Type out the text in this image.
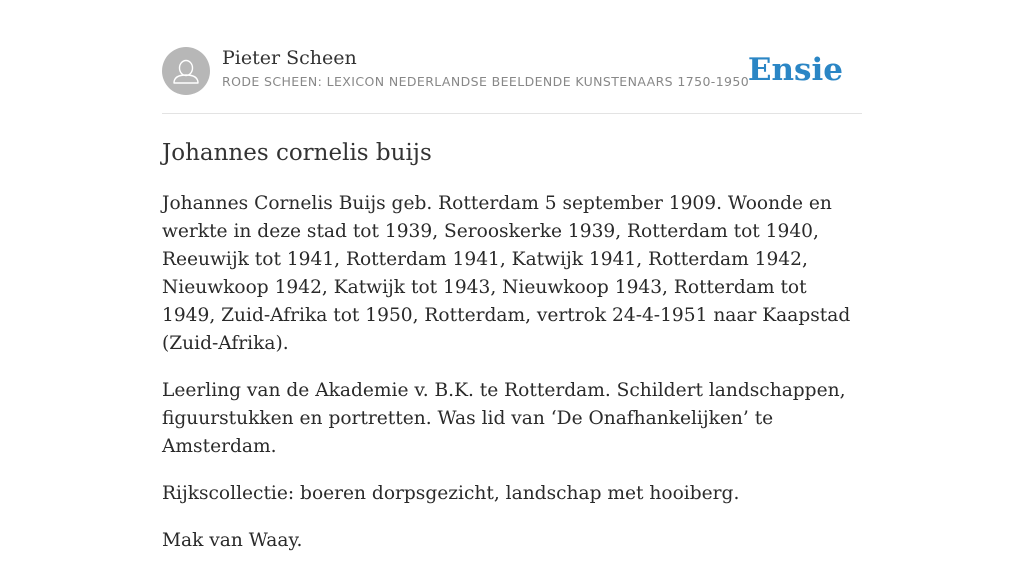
Pieter Scheen
RODE SCHEEN: LEXICON NEDERLANDSE BEELDENDE KUNSTENAARS 1750-1950
Ensie
Johannes cornelis buijs

Johannes Cornelis Buijs geb. Rotterdam 5 september 1909. Woonde en werkte in deze stad tot 1939, Serooskerke 1939, Rotterdam tot 1940, Reeuwijk tot 1941, Rotterdam 1941, Katwijk 1941, Rotterdam 1942, Nieuwkoop 1942, Katwijk tot 1943, Nieuwkoop 1943, Rotterdam tot 1949, Zuid-Afrika tot 1950, Rotterdam, vertrok 24-4-1951 naar Kaapstad (Zuid-Afrika).

Leerling van de Akademie v. B.K. te Rotterdam. Schildert landschappen, figuurstukken en portretten. Was lid van ‘De Onafhankelijken’ te Amsterdam.

Rijkscollectie: boeren dorpsgezicht, landschap met hooiberg.

Mak van Waay.
